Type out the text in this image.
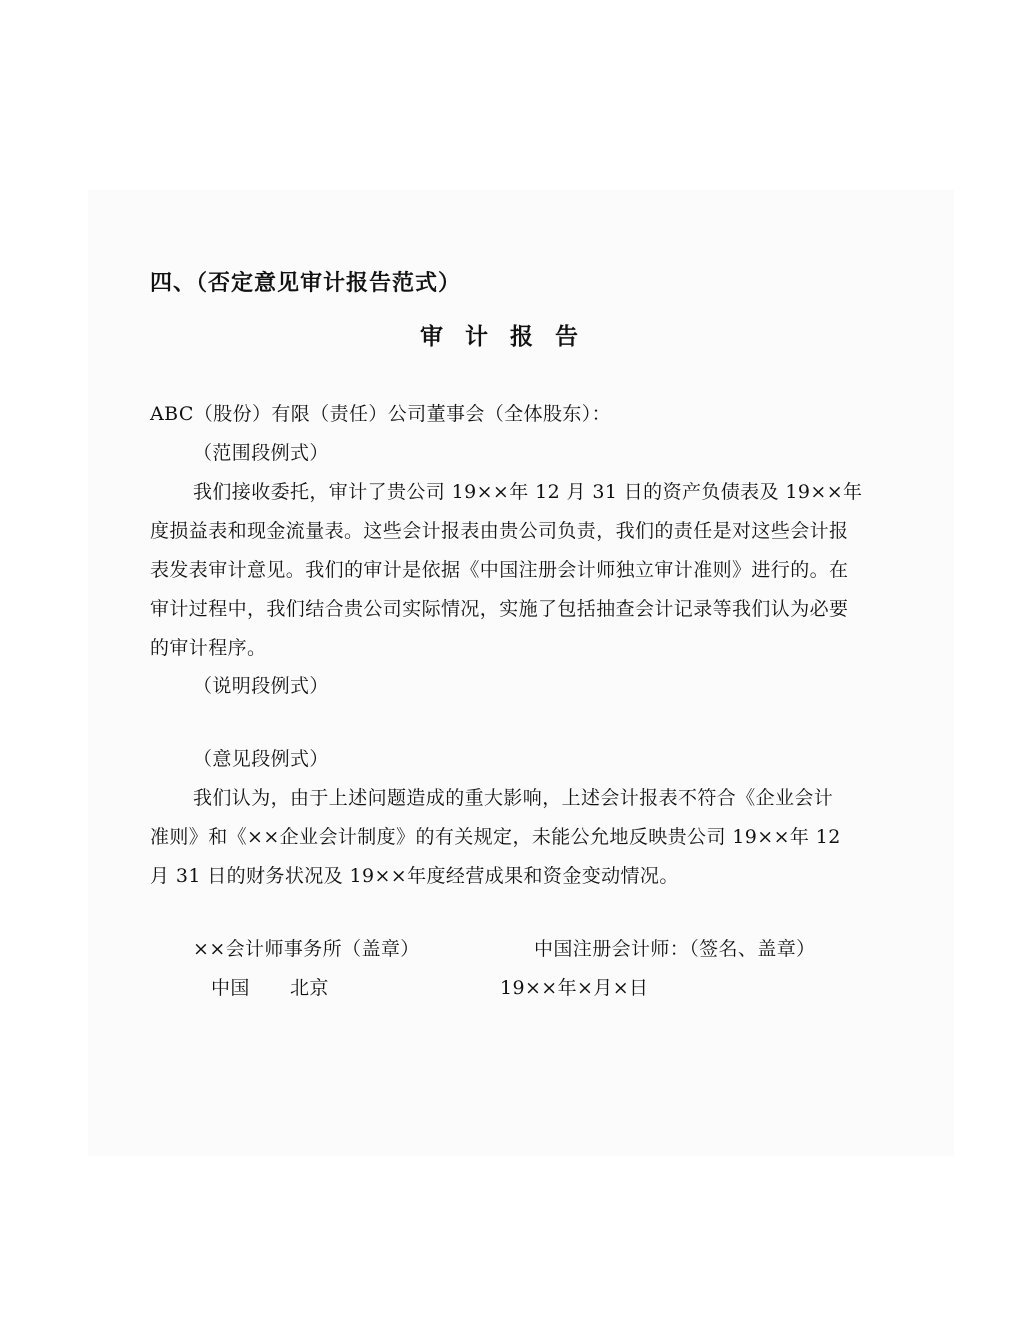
四、（否定意见审计报告范式）
审计报告
ABC（股份）有限（责任）公司董事会（全体股东）：
（范围段例式）
我们接收委托，审计了贵公司 19××年 12 月 31 日的资产负债表及 19××年
度损益表和现金流量表。这些会计报表由贵公司负责，我们的责任是对这些会计报
表发表审计意见。我们的审计是依据《中国注册会计师独立审计准则》进行的。在
审计过程中，我们结合贵公司实际情况，实施了包括抽查会计记录等我们认为必要
的审计程序。
（说明段例式）
（意见段例式）
我们认为，由于上述问题造成的重大影响，上述会计报表不符合《企业会计
准则》和《××企业会计制度》的有关规定，未能公允地反映贵公司 19××年 12
月 31 日的财务状况及 19××年度经营成果和资金变动情况。
××会计师事务所（盖章）	中国注册会计师：（签名、盖章）
中国 北京	19××年×月×日
